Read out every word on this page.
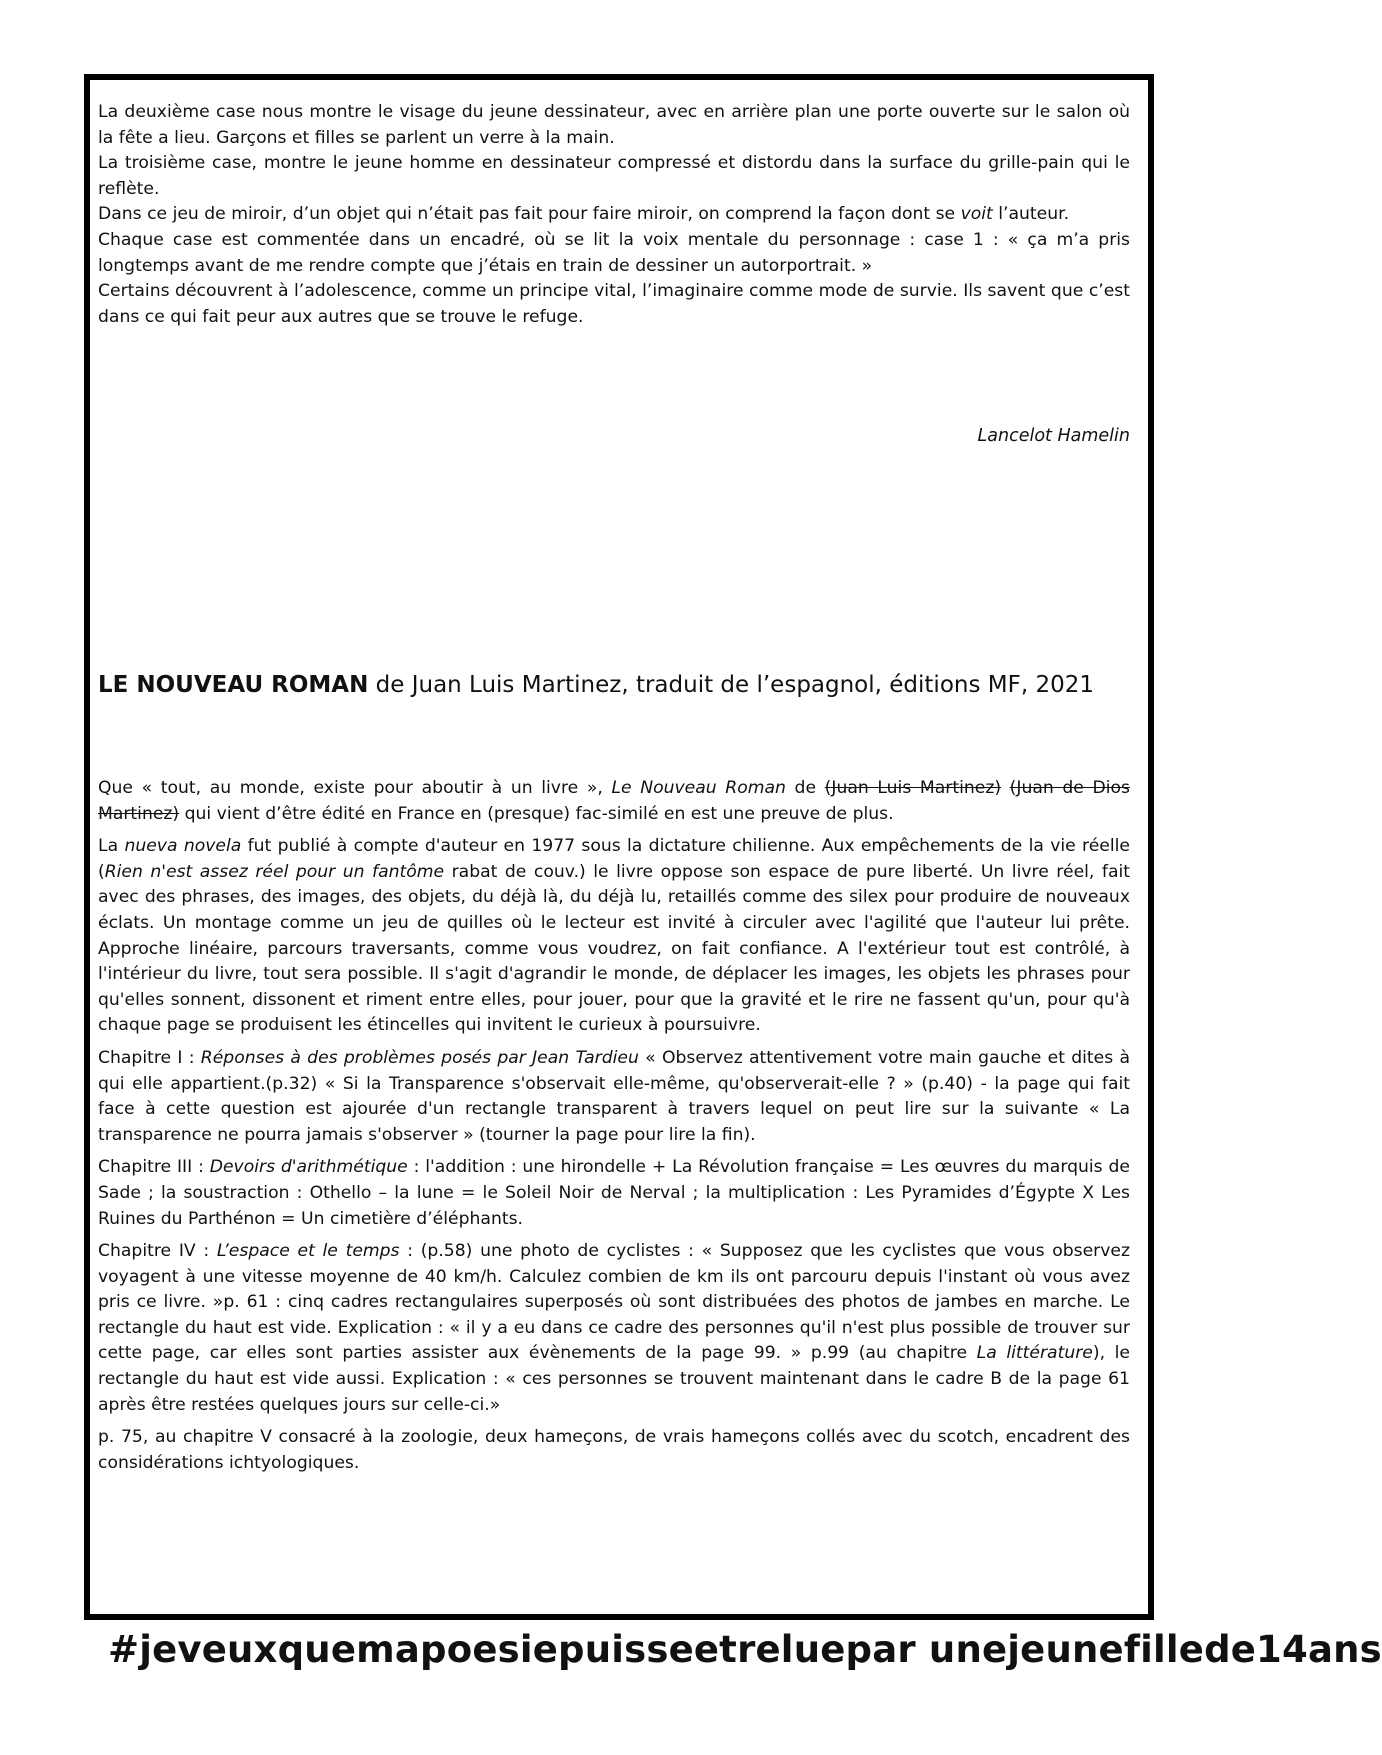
La deuxième case nous montre le visage du jeune dessinateur, avec en arrière plan une porte ouverte sur le salon où la fête a lieu. Garçons et filles se parlent un verre à la main.

La troisième case, montre le jeune homme en dessinateur compressé et distordu dans la surface du grille-pain qui le reflète.

Dans ce jeu de miroir, d’un objet qui n’était pas fait pour faire miroir, on comprend la façon dont se voit l’auteur.

Chaque case est commentée dans un encadré, où se lit la voix mentale du personnage : case 1 : « ça m’a pris longtemps avant de me rendre compte que j’étais en train de dessiner un autorportrait. »

Certains découvrent à l’adolescence, comme un principe vital, l’imaginaire comme mode de survie. Ils savent que c’est dans ce qui fait peur aux autres que se trouve le refuge.

Lancelot Hamelin
LE NOUVEAU ROMAN de Juan Luis Martinez, traduit de l’espagnol, éditions MF, 2021

Que « tout, au monde, existe pour aboutir à un livre », Le Nouveau Roman de (Juan Luis Martinez) (Juan de Dios Martinez) qui vient d’être édité en France en (presque) fac-similé en est une preuve de plus.

La nueva novela fut publié à compte d'auteur en 1977 sous la dictature chilienne. Aux empêchements de la vie réelle (Rien n'est assez réel pour un fantôme rabat de couv.) le livre oppose son espace de pure liberté. Un livre réel, fait avec des phrases, des images, des objets, du déjà là, du déjà lu, retaillés comme des silex pour produire de nouveaux éclats. Un montage comme un jeu de quilles où le lecteur est invité à circuler avec l'agilité que l'auteur lui prête. Approche linéaire, parcours traversants, comme vous voudrez, on fait confiance. A l'extérieur tout est contrôlé, à l'intérieur du livre, tout sera possible. Il s'agit d'agrandir le monde, de déplacer les images, les objets les phrases pour qu'elles sonnent, dissonent et riment entre elles, pour jouer, pour que la gravité et le rire ne fassent qu'un, pour qu'à chaque page se produisent les étincelles qui invitent le curieux à poursuivre.

Chapitre I : Réponses à des problèmes posés par Jean Tardieu « Observez attentivement votre main gauche et dites à qui elle appartient.(p.32) « Si la Transparence s'observait elle-même, qu'observerait-elle ? » (p.40) - la page qui fait face à cette question est ajourée d'un rectangle transparent à travers lequel on peut lire sur la suivante « La transparence ne pourra jamais s'observer » (tourner la page pour lire la fin).

Chapitre III : Devoirs d'arithmétique : l'addition : une hirondelle + La Révolution française = Les œuvres du marquis de Sade ; la soustraction : Othello – la lune = le Soleil Noir de Nerval ; la multiplication : Les Pyramides d’Égypte X Les Ruines du Parthénon = Un cimetière d’éléphants.

Chapitre IV : L’espace et le temps : (p.58) une photo de cyclistes : « Supposez que les cyclistes que vous observez voyagent à une vitesse moyenne de 40 km/h. Calculez combien de km ils ont parcouru depuis l'instant où vous avez pris ce livre. »p. 61 : cinq cadres rectangulaires superposés où sont distribuées des photos de jambes en marche. Le rectangle du haut est vide. Explication : « il y a eu dans ce cadre des personnes qu'il n'est plus possible de trouver sur cette page, car elles sont parties assister aux évènements de la page 99. » p.99 (au chapitre La littérature), le rectangle du haut est vide aussi. Explication : « ces personnes se trouvent maintenant dans le cadre B de la page 61 après être restées quelques jours sur celle-ci.»

p. 75, au chapitre V consacré à la zoologie, deux hameçons, de vrais hameçons collés avec du scotch, encadrent des considérations ichtyologiques.

#jeveuxquemapoesiepuisseetreluepar unejeunefillede14ans
